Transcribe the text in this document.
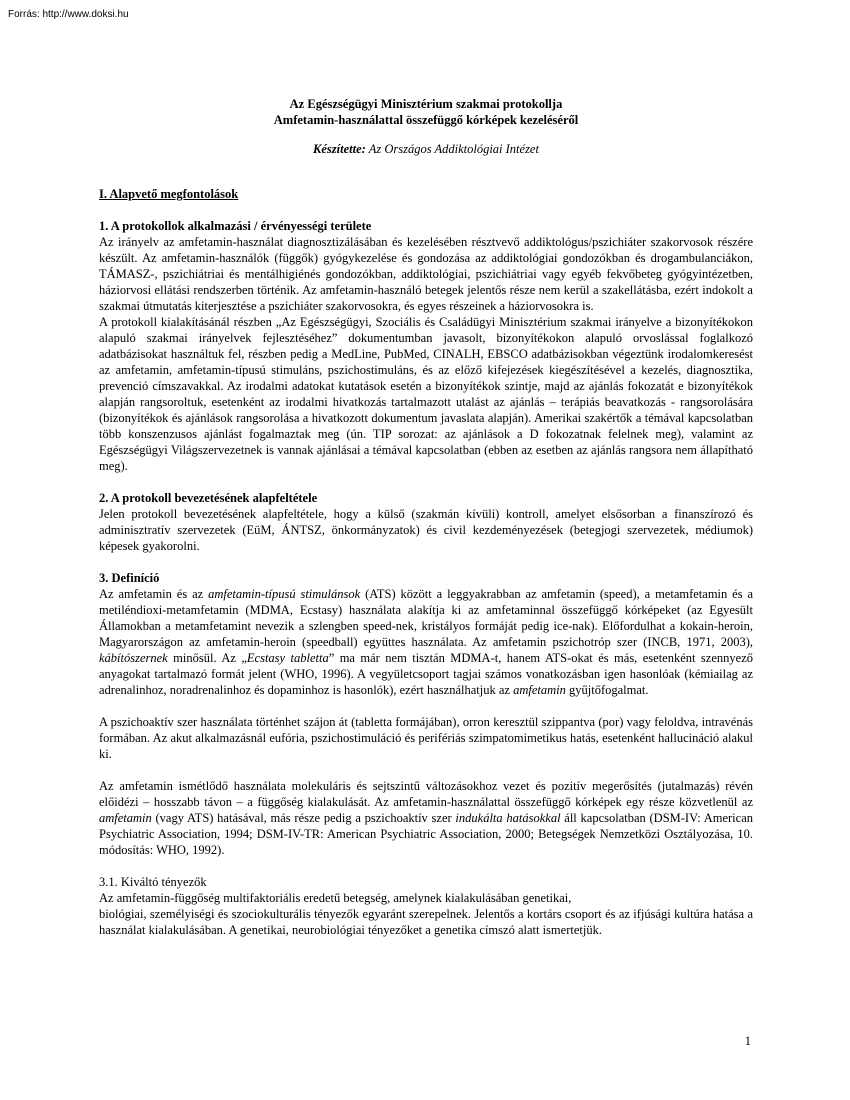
Forrás: http://www.doksi.hu

Az Egészségügyi Minisztérium szakmai protokollja

Amfetamin-használattal összefüggő kórképek kezeléséről

Készítette: Az Országos Addiktológiai Intézet

I. Alapvető megfontolások

1. A protokollok alkalmazási / érvényességi területe

Az irányelv az amfetamin-használat diagnosztizálásában és kezelésében résztvevő addiktológus/pszichiáter szakorvosok részére készült. Az amfetamin-használók (függők) gyógykezelése és gondozása az addiktológiai gondozókban és drogambulanciákon, TÁMASZ-, pszichiátriai és mentálhigiénés gondozókban, addiktológiai, pszichiátriai vagy egyéb fekvőbeteg gyógyintézetben, háziorvosi ellátási rendszerben történik. Az amfetamin-használó betegek jelentős része nem kerül a szakellátásba, ezért indokolt a szakmai útmutatás kiterjesztése a pszichiáter szakorvosokra, és egyes részeinek a háziorvosokra is.

A protokoll kialakításánál részben „Az Egészségügyi, Szociális és Családügyi Minisztérium szakmai irányelve a bizonyítékokon alapuló szakmai irányelvek fejlesztéséhez” dokumentumban javasolt, bizonyítékokon alapuló orvoslással foglalkozó adatbázisokat használtuk fel, részben pedig a MedLine, PubMed, CINALH, EBSCO adatbázisokban végeztünk irodalomkeresést az amfetamin, amfetamin-típusú stimuláns, pszichostimuláns, és az előző kifejezések kiegészítésével a kezelés, diagnosztika, prevenció címszavakkal. Az irodalmi adatokat kutatások esetén a bizonyítékok szintje, majd az ajánlás fokozatát e bizonyítékok alapján rangsoroltuk, esetenként az irodalmi hivatkozás tartalmazott utalást az ajánlás – terápiás beavatkozás - rangsorolására (bizonyítékok és ajánlások rangsorolása a hivatkozott dokumentum javaslata alapján). Amerikai szakértők a témával kapcsolatban több konszenzusos ajánlást fogalmaztak meg (ún. TIP sorozat: az ajánlások a D fokozatnak felelnek meg), valamint az Egészségügyi Világszervezetnek is vannak ajánlásai a témával kapcsolatban (ebben az esetben az ajánlás rangsora nem állapítható meg).

2. A protokoll bevezetésének alapfeltétele

Jelen protokoll bevezetésének alapfeltétele, hogy a külső (szakmán kívüli) kontroll, amelyet elsősorban a finanszírozó és adminisztratív szervezetek (EüM, ÁNTSZ, önkormányzatok) és civil kezdeményezések (betegjogi szervezetek, médiumok) képesek gyakorolni.

3. Definíció

Az amfetamin és az amfetamin-típusú stimulánsok (ATS) között a leggyakrabban az amfetamin (speed), a metamfetamin és a metiléndioxi-metamfetamin (MDMA, Ecstasy) használata alakítja ki az amfetaminnal összefüggő kórképeket (az Egyesült Államokban a metamfetamint nevezik a szlengben speed-nek, kristályos formáját pedig ice-nak). Előfordulhat a kokain-heroin, Magyarországon az amfetamin-heroin (speedball) együttes használata. Az amfetamin pszichotróp szer (INCB, 1971, 2003), kábítószernek minősül. Az „Ecstasy tabletta” ma már nem tisztán MDMA-t, hanem ATS-okat és más, esetenként szennyező anyagokat tartalmazó formát jelent (WHO, 1996). A vegyületcsoport tagjai számos vonatkozásban igen hasonlóak (kémiailag az adrenalinhoz, noradrenalinhoz és dopaminhoz is hasonlók), ezért használhatjuk az amfetamin gyűjtőfogalmat.

A pszichoaktív szer használata történhet szájon át (tabletta formájában), orron keresztül szippantva (por) vagy feloldva, intravénás formában. Az akut alkalmazásnál eufória, pszichostimuláció és perifériás szimpatomimetikus hatás, esetenként hallucináció alakul ki.

Az amfetamin ismétlődő használata molekuláris és sejtszintű változásokhoz vezet és pozitív megerősítés (jutalmazás) révén előidézi – hosszabb távon – a függőség kialakulását. Az amfetamin-használattal összefüggő kórképek egy része közvetlenül az amfetamin (vagy ATS) hatásával, más része pedig a pszichoaktív szer indukálta hatásokkal áll kapcsolatban (DSM-IV: American Psychiatric Association, 1994; DSM-IV-TR: American Psychiatric Association, 2000; Betegségek Nemzetközi Osztályozása, 10. módosítás: WHO, 1992).

3.1. Kiváltó tényezők

Az amfetamin-függőség multifaktoriális eredetű betegség, amelynek kialakulásában genetikai,

biológiai, személyiségi és szociokulturális tényezők egyaránt szerepelnek. Jelentős a kortárs csoport és az ifjúsági kultúra hatása a használat kialakulásában. A genetikai, neurobiológiai tényezőket a genetika címszó alatt ismertetjük.

1
